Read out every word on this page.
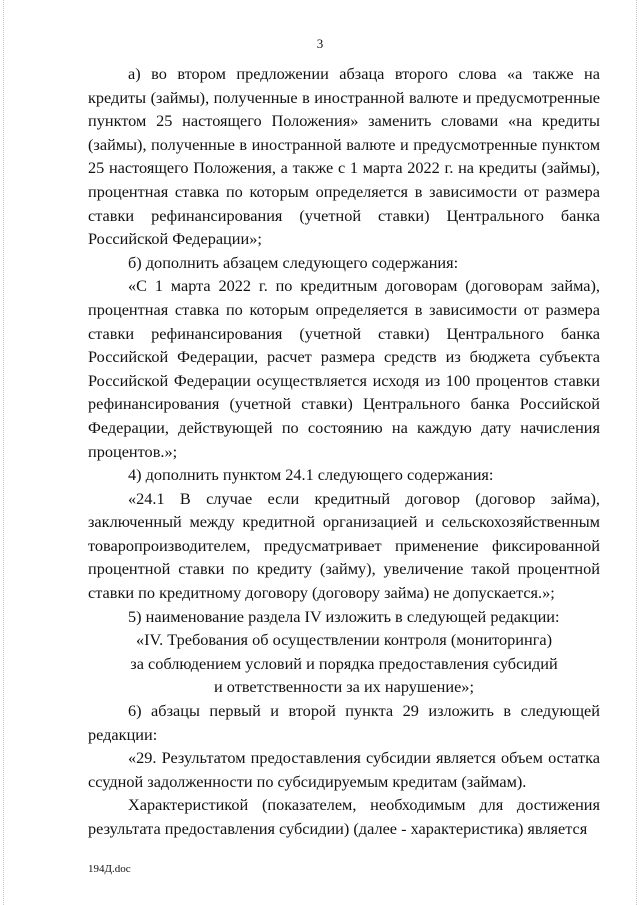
3

а) во втором предложении абзаца второго слова «а также на кредиты (займы), полученные в иностранной валюте и предусмотренные пунктом 25 настоящего Положения» заменить словами «на кредиты (займы), полученные в иностранной валюте и предусмотренные пунктом 25 настоящего Положения, а также с 1 марта 2022 г. на кредиты (займы), процентная ставка по которым определяется в зависимости от размера ставки рефинансирования (учетной ставки) Центрального банка Российской Федерации»;

б) дополнить абзацем следующего содержания:

«С 1 марта 2022 г. по кредитным договорам (договорам займа), процентная ставка по которым определяется в зависимости от размера ставки рефинансирования (учетной ставки) Центрального банка Российской Федерации, расчет размера средств из бюджета субъекта Российской Федерации осуществляется исходя из 100 процентов ставки рефинансирования (учетной ставки) Центрального банка Российской Федерации, действующей по состоянию на каждую дату начисления процентов.»;

4) дополнить пунктом 24.1 следующего содержания:

«24.1 В случае если кредитный договор (договор займа), заключенный между кредитной организацией и сельскохозяйственным товаропроизводителем, предусматривает применение фиксированной процентной ставки по кредиту (займу), увеличение такой процентной ставки по кредитному договору (договору займа) не допускается.»;

5) наименование раздела IV изложить в следующей редакции:

«IV. Требования об осуществлении контроля (мониторинга)

за соблюдением условий и порядка предоставления субсидий

и ответственности за их нарушение»;

6) абзацы первый и второй пункта 29 изложить в следующей редакции:

«29. Результатом предоставления субсидии является объем остатка ссудной задолженности по субсидируемым кредитам (займам).

Характеристикой (показателем, необходимым для достижения результата предоставления субсидии) (далее - характеристика) является

194Д.doc
